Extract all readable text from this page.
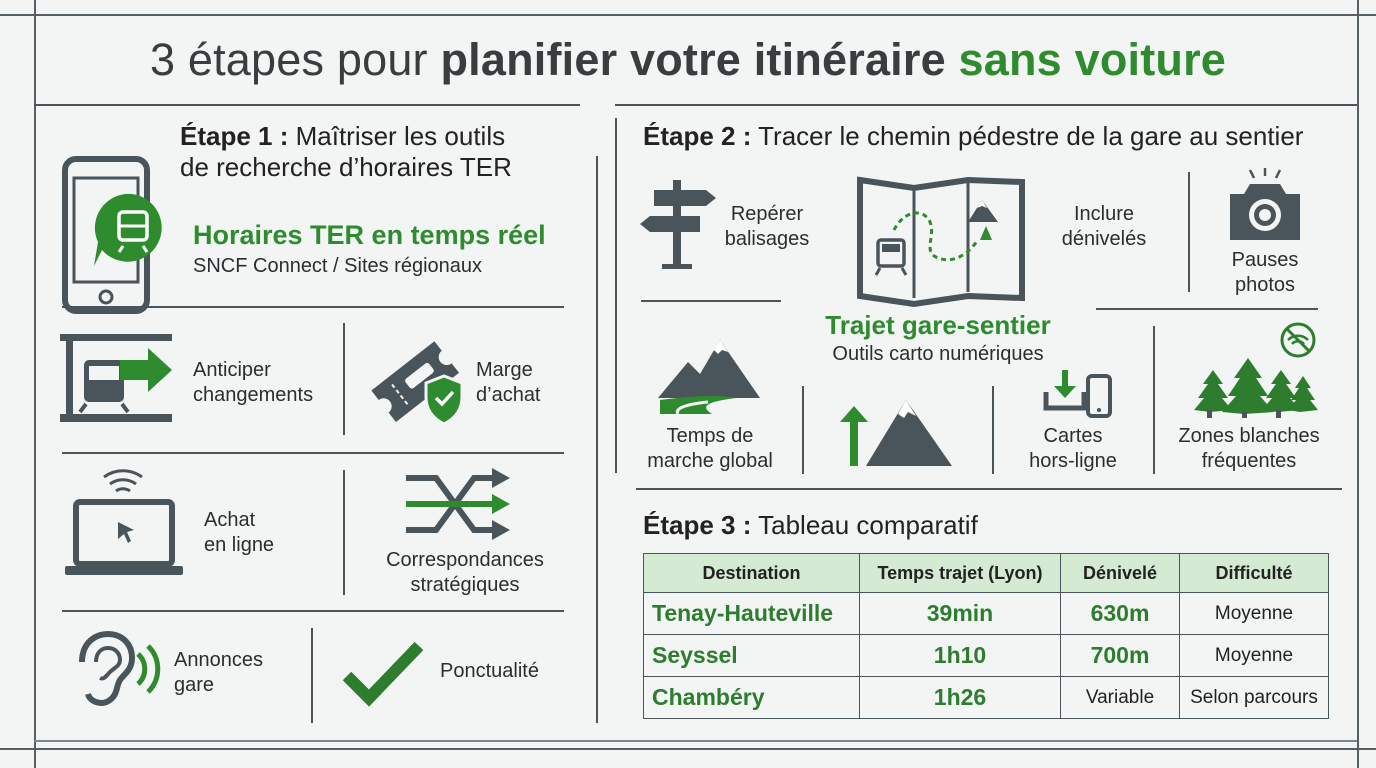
3 étapes pour planifier votre itinéraire sans voiture
Étape 1 : Maîtriser les outils
de recherche d’horaires TER
Horaires TER en temps réel
SNCF Connect / Sites régionaux
Anticiper
changements
Marge
d’achat
Achat
en ligne
Correspondances
stratégiques
Annonces
gare
Ponctualité
Étape 2 : Tracer le chemin pédestre de la gare au sentier
Repérer
balisages
Inclure
dénivelés
Pauses
photos
Trajet gare-sentier
Outils carto numériques
Temps de
marche global
Cartes
hors-ligne
Zones blanches
fréquentes
Étape 3 : Tableau comparatif
Destination	Temps trajet (Lyon)	Dénivelé	Difficulté
Tenay-Hauteville	39min	630m	Moyenne
Seyssel	1h10	700m	Moyenne
Chambéry	1h26	Variable	Selon parcours
